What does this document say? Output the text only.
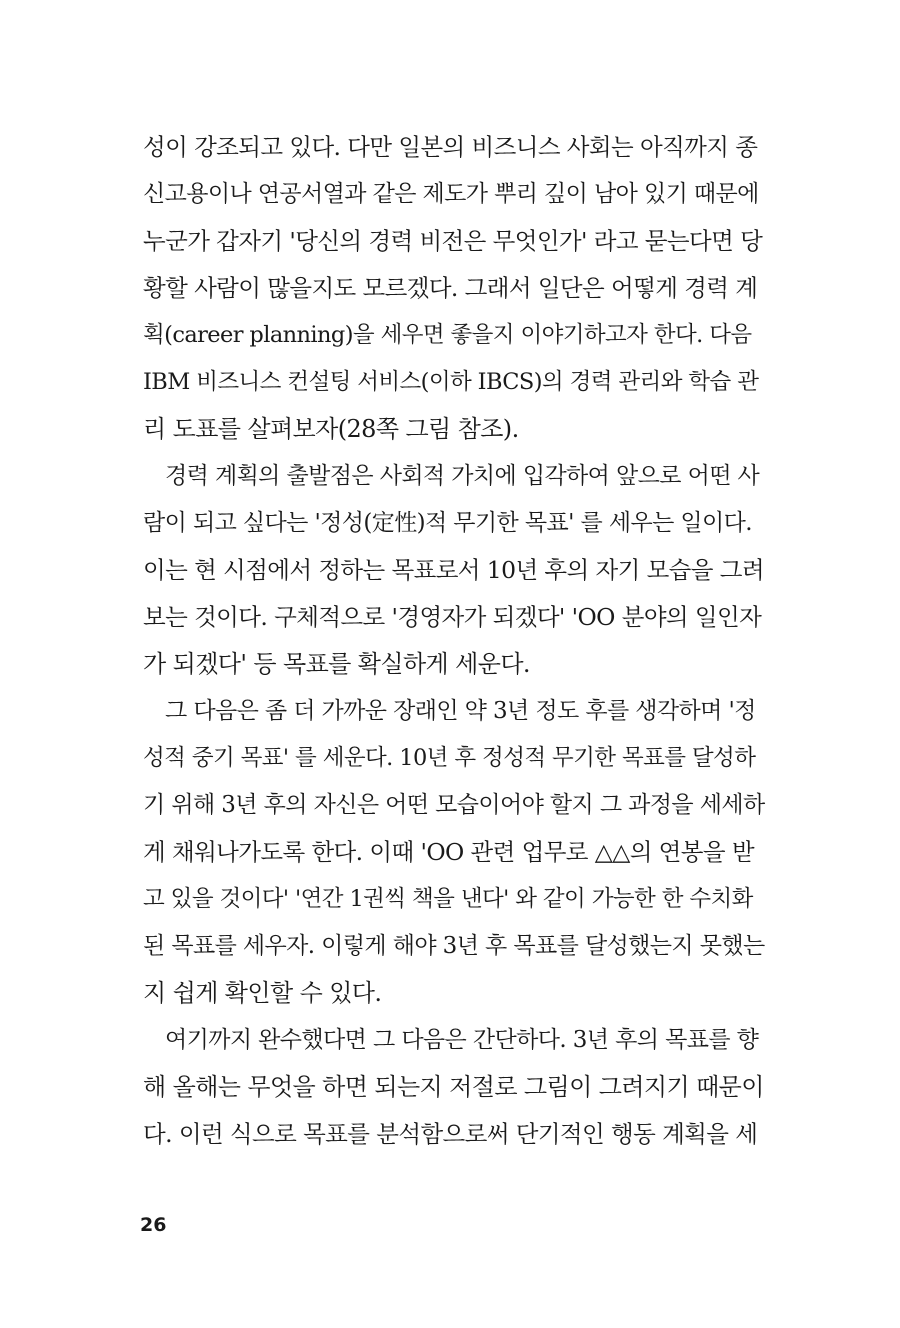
성이 강조되고 있다. 다만 일본의 비즈니스 사회는 아직까지 종
신고용이나 연공서열과 같은 제도가 뿌리 깊이 남아 있기 때문에
누군가 갑자기 '당신의 경력 비전은 무엇인가' 라고 묻는다면 당
황할 사람이 많을지도 모르겠다. 그래서 일단은 어떻게 경력 계
획(career planning)을 세우면 좋을지 이야기하고자 한다. 다음
IBM 비즈니스 컨설팅 서비스(이하 IBCS)의 경력 관리와 학습 관
리 도표를 살펴보자(28쪽 그림 참조).
경력 계획의 출발점은 사회적 가치에 입각하여 앞으로 어떤 사
람이 되고 싶다는 '정성(定性)적 무기한 목표' 를 세우는 일이다.
이는 현 시점에서 정하는 목표로서 10년 후의 자기 모습을 그려
보는 것이다. 구체적으로 '경영자가 되겠다' 'OO 분야의 일인자
가 되겠다' 등 목표를 확실하게 세운다.
그 다음은 좀 더 가까운 장래인 약 3년 정도 후를 생각하며 '정
성적 중기 목표' 를 세운다. 10년 후 정성적 무기한 목표를 달성하
기 위해 3년 후의 자신은 어떤 모습이어야 할지 그 과정을 세세하
게 채워나가도록 한다. 이때 'OO 관련 업무로 △△의 연봉을 받
고 있을 것이다' '연간 1권씩 책을 낸다' 와 같이 가능한 한 수치화
된 목표를 세우자. 이렇게 해야 3년 후 목표를 달성했는지 못했는
지 쉽게 확인할 수 있다.
여기까지 완수했다면 그 다음은 간단하다. 3년 후의 목표를 향
해 올해는 무엇을 하면 되는지 저절로 그림이 그려지기 때문이
다. 이런 식으로 목표를 분석함으로써 단기적인 행동 계획을 세
26
